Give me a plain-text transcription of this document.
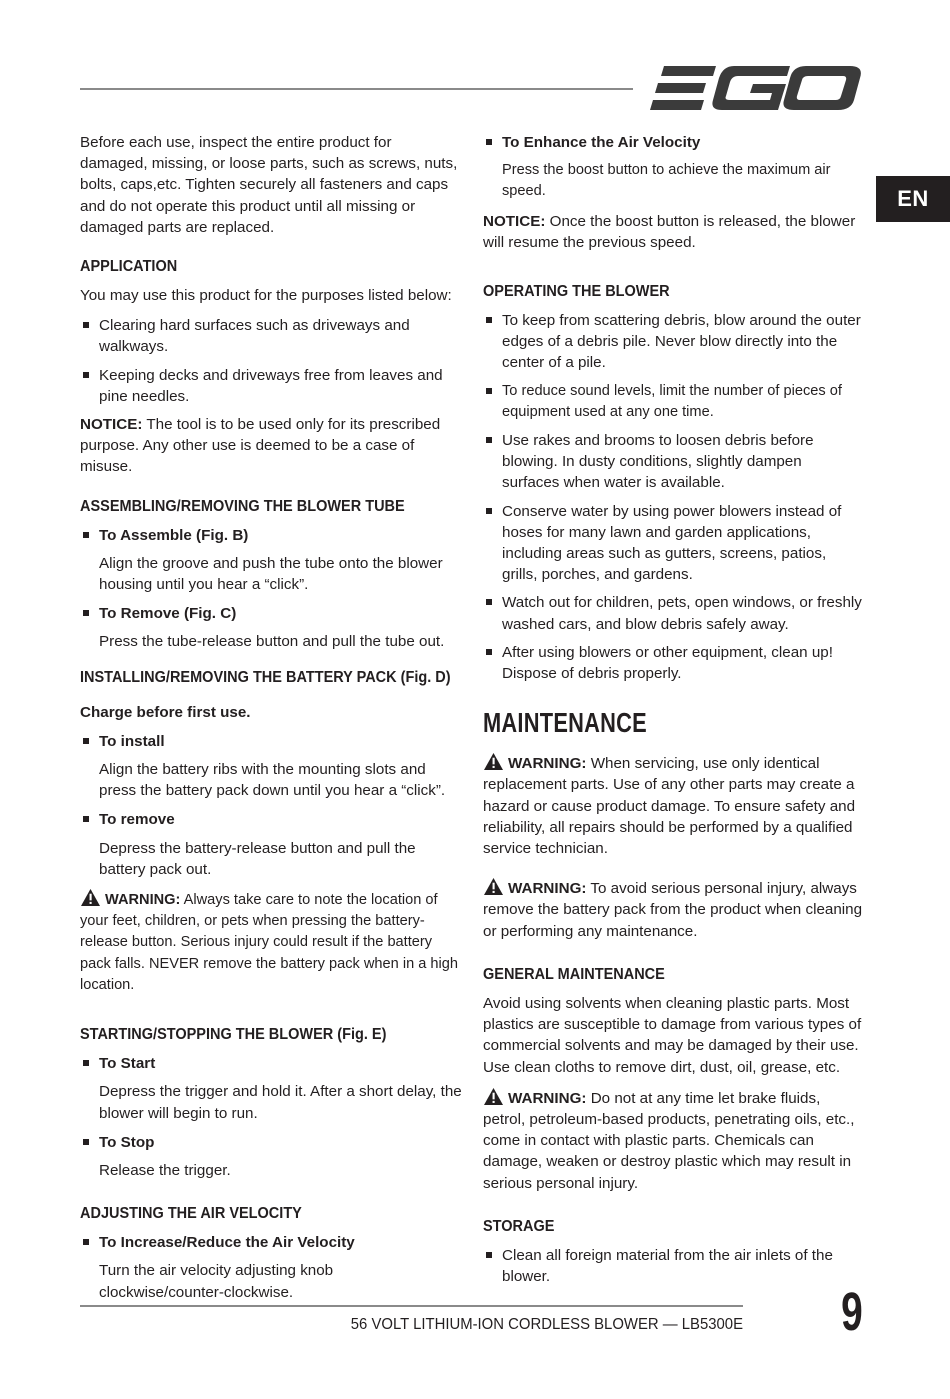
EN

Before each use, inspect the entire product for damaged, missing, or loose parts, such as screws, nuts, bolts, caps,etc. Tighten securely all fasteners and caps and do not operate this product until all missing or damaged parts are replaced.

APPLICATION

You may use this product for the purposes listed below:

Clearing hard surfaces such as driveways and walkways.
Keeping decks and driveways free from leaves and pine needles.

NOTICE: The tool is to be used only for its prescribed purpose. Any other use is deemed to be a case of misuse.

ASSEMBLING/REMOVING THE BLOWER TUBE
To Assemble (Fig. B)

Align the groove and push the tube onto the blower housing until you hear a “click”.

To Remove (Fig. C)

Press the tube-release button and pull the tube out.

INSTALLING/REMOVING THE BATTERY PACK (Fig. D)

Charge before first use.

To install

Align the battery ribs with the mounting slots and press the battery pack down until you hear a “click”.

To remove

Depress the battery-release button and pull the battery pack out.

WARNING: Always take care to note the location of your feet, children, or pets when pressing the battery-release button. Serious injury could result if the battery pack falls. NEVER remove the battery pack when in a high location.

STARTING/STOPPING THE BLOWER (Fig. E)
To Start

Depress the trigger and hold it. After a short delay, the blower will begin to run.

To Stop

Release the trigger.

ADJUSTING THE AIR VELOCITY
To Increase/Reduce the Air Velocity

Turn the air velocity adjusting knob clockwise/counter-clockwise.

To Enhance the Air Velocity

Press the boost button to achieve the maximum air speed.

NOTICE: Once the boost button is released, the blower will resume the previous speed.

OPERATING THE BLOWER
To keep from scattering debris, blow around the outer edges of a debris pile. Never blow directly into the center of a pile.
To reduce sound levels, limit the number of pieces of equipment used at any one time.
Use rakes and brooms to loosen debris before blowing. In dusty conditions, slightly dampen surfaces when water is available.
Conserve water by using power blowers instead of hoses for many lawn and garden applications, including areas such as gutters, screens, patios, grills, porches, and gardens.
Watch out for children, pets, open windows, or freshly washed cars, and blow debris safely away.
After using blowers or other equipment, clean up! Dispose of debris properly.
MAINTENANCE

WARNING: When servicing, use only identical replacement parts. Use of any other parts may create a hazard or cause product damage. To ensure safety and reliability, all repairs should be performed by a qualified service technician.

WARNING: To avoid serious personal injury, always remove the battery pack from the product when cleaning or performing any maintenance.

GENERAL MAINTENANCE

Avoid using solvents when cleaning plastic parts. Most plastics are susceptible to damage from various types of commercial solvents and may be damaged by their use. Use clean cloths to remove dirt, dust, oil, grease, etc.

WARNING: Do not at any time let brake fluids, petrol, petroleum-based products, penetrating oils, etc., come in contact with plastic parts. Chemicals can damage, weaken or destroy plastic which may result in serious personal injury.

STORAGE
Clean all foreign material from the air inlets of the blower.
56 VOLT LITHIUM-ION CORDLESS BLOWER — LB5300E 9
